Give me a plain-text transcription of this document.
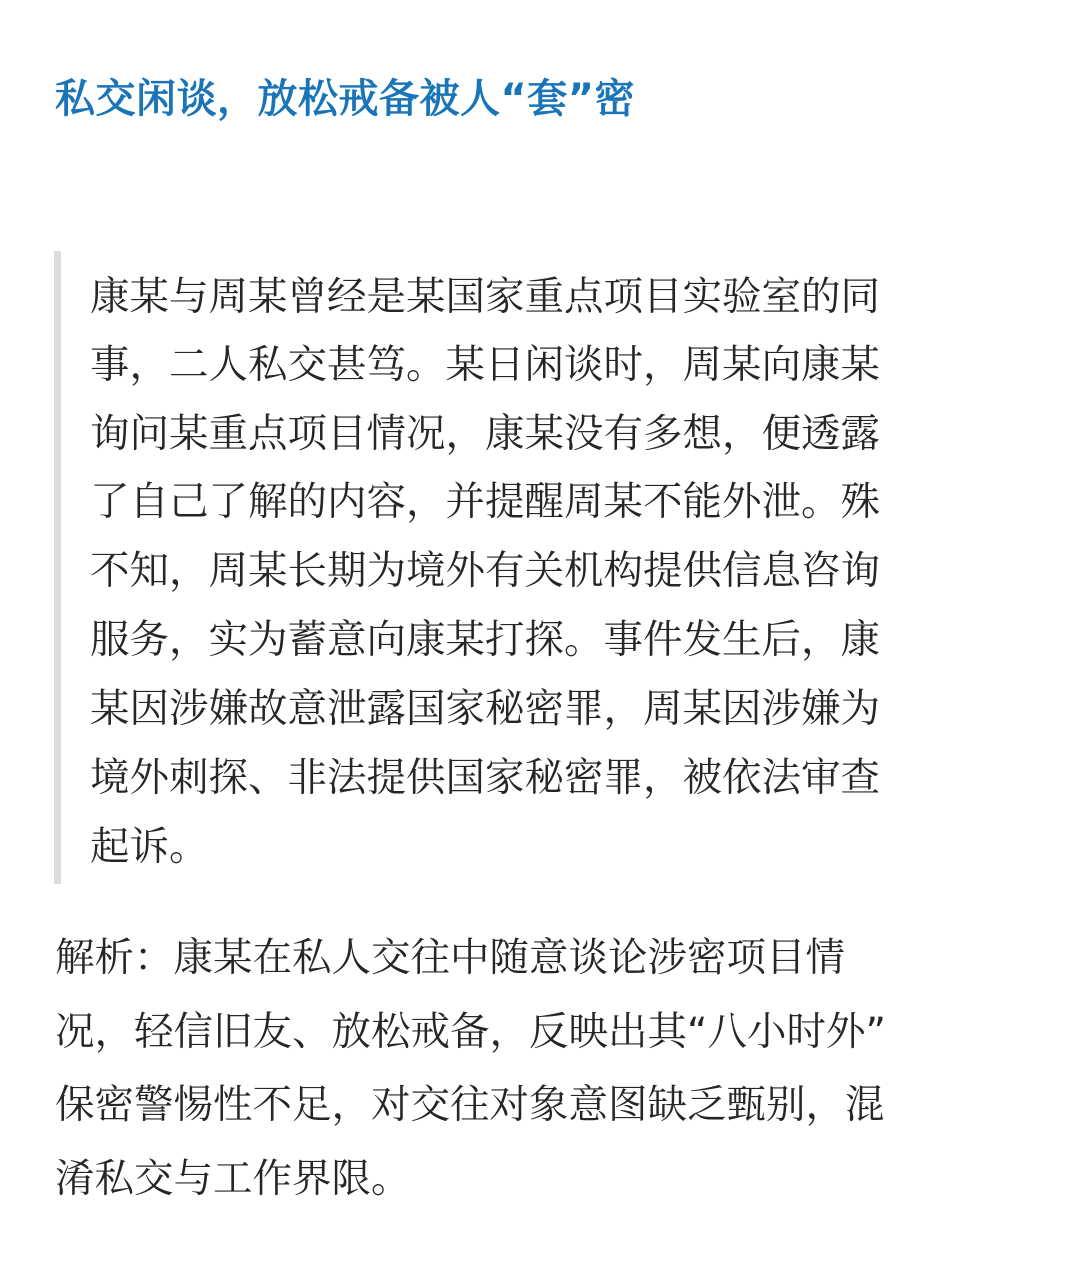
私交闲谈，放松戒备被人“套”密
康某与周某曾经是某国家重点项目实验室的同
事，二人私交甚笃。某日闲谈时，周某向康某
询问某重点项目情况，康某没有多想，便透露
了自己了解的内容，并提醒周某不能外泄。殊
不知，周某长期为境外有关机构提供信息咨询
服务，实为蓄意向康某打探。事件发生后，康
某因涉嫌故意泄露国家秘密罪，周某因涉嫌为
境外刺探、非法提供国家秘密罪，被依法审查
起诉。
解析：康某在私人交往中随意谈论涉密项目情
况，轻信旧友、放松戒备，反映出其“八小时外”
保密警惕性不足，对交往对象意图缺乏甄别，混
淆私交与工作界限。
